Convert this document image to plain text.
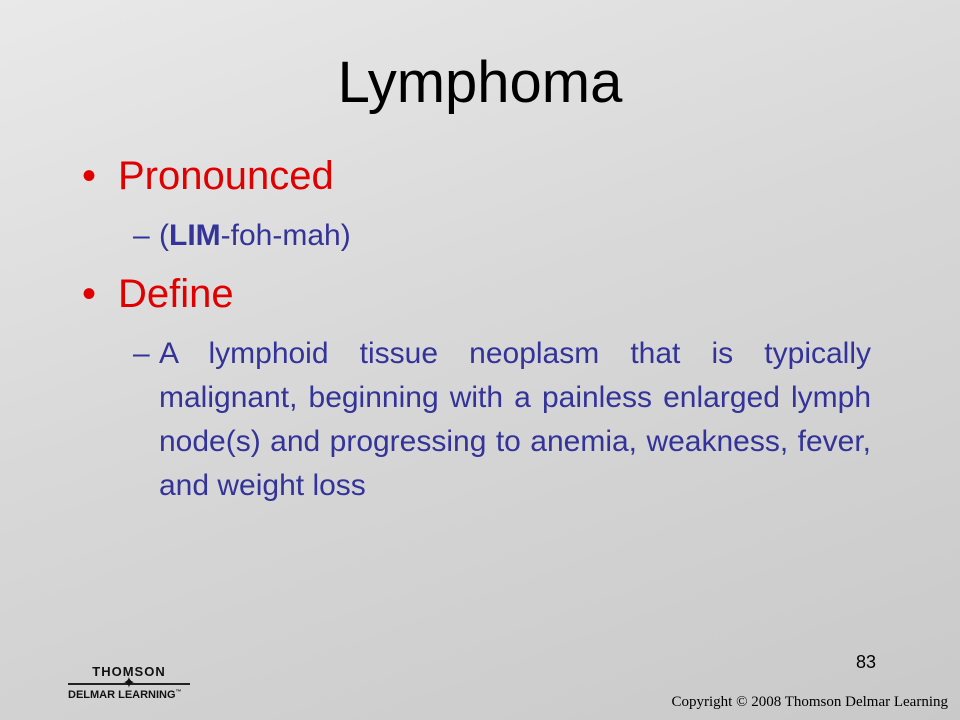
Lymphoma
• Pronounced
– (LIM-foh-mah)
• Define
– A lymphoid tissue neoplasm that is typically malignant, beginning with a painless enlarged lymph node(s) and progressing to anemia, weakness, fever, and weight loss
83
THOMSON
✦
DELMAR LEARNING™
Copyright © 2008 Thomson Delmar Learning
